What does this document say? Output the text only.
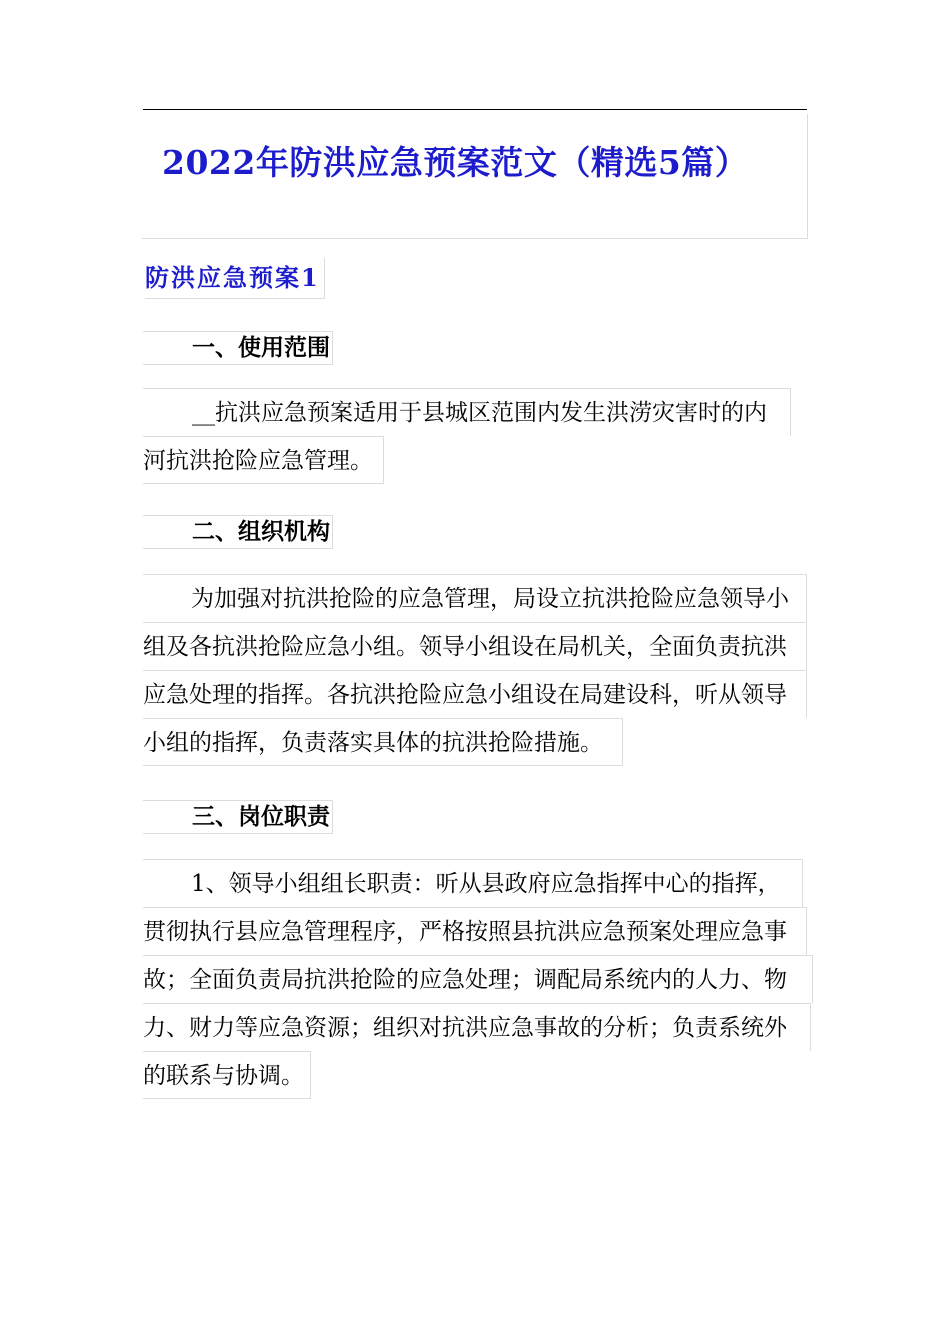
2022年防洪应急预案范文（精选5篇）
防洪应急预案1
一、使用范围
__抗洪应急预案适用于县城区范围内发生洪涝灾害时的内
河抗洪抢险应急管理。
二、组织机构
为加强对抗洪抢险的应急管理，局设立抗洪抢险应急领导小
组及各抗洪抢险应急小组。领导小组设在局机关，全面负责抗洪
应急处理的指挥。各抗洪抢险应急小组设在局建设科，听从领导
小组的指挥，负责落实具体的抗洪抢险措施。
三、岗位职责
1、领导小组组长职责：听从县政府应急指挥中心的指挥，
贯彻执行县应急管理程序，严格按照县抗洪应急预案处理应急事
故；全面负责局抗洪抢险的应急处理；调配局系统内的人力、物
力、财力等应急资源；组织对抗洪应急事故的分析；负责系统外
的联系与协调。
